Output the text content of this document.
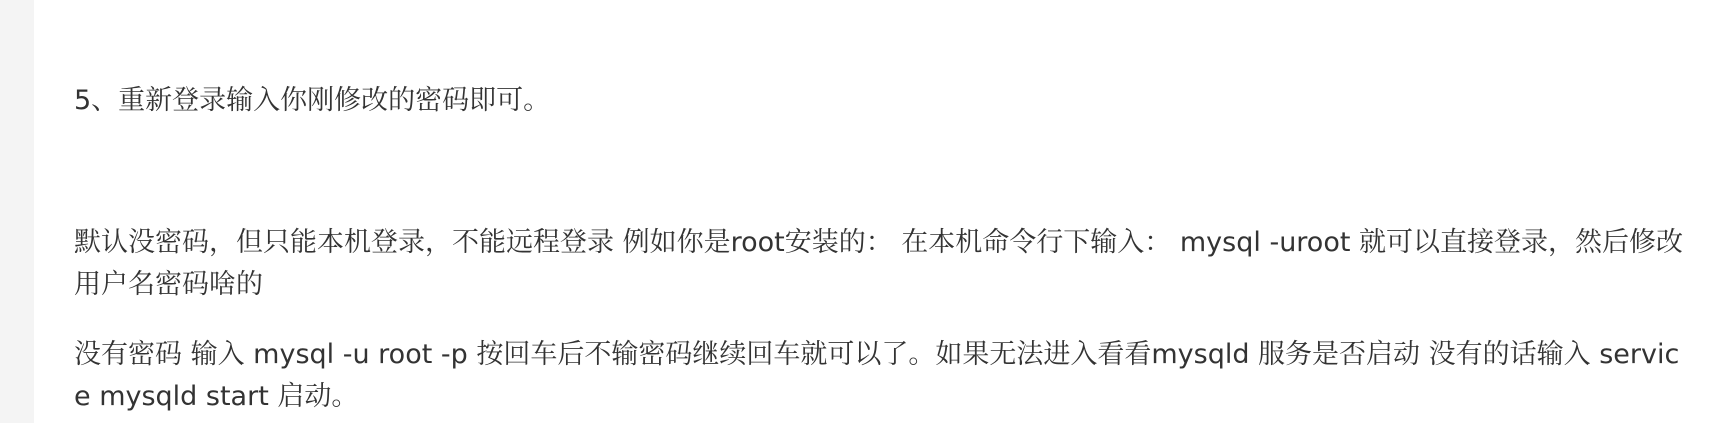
5、重新登录输入你刚修改的密码即可。

默认没密码，但只能本机登录，不能远程登录 例如你是root安装的： 在本机命令行下输入： mysql -uroot 就可以直接登录，然后修改用户名密码啥的

没有密码 输入 mysql -u root -p 按回车后不输密码继续回车就可以了。如果无法进入看看mysqld 服务是否启动 没有的话输入 service mysqld start 启动。
